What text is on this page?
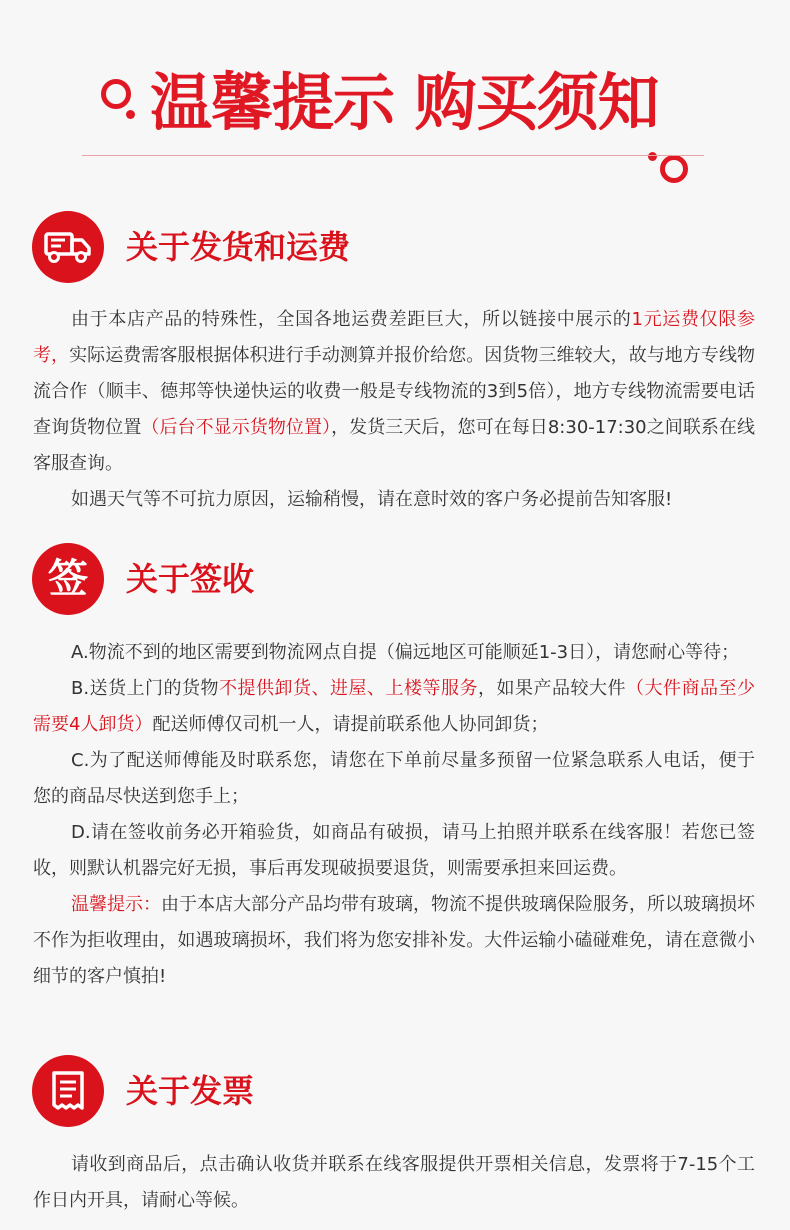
温馨提示 购买须知
关于发货和运费

由于本店产品的特殊性，全国各地运费差距巨大，所以链接中展示的1元运费仅限参考，实际运费需客服根据体积进行手动测算并报价给您。因货物三维较大，故与地方专线物流合作（顺丰、德邦等快递快运的收费一般是专线物流的3到5倍），地方专线物流需要电话查询货物位置（后台不显示货物位置），发货三天后，您可在每日8:30-17:30之间联系在线客服查询。

如遇天气等不可抗力原因，运输稍慢，请在意时效的客户务必提前告知客服!

签 关于签收

A.物流不到的地区需要到物流网点自提（偏远地区可能顺延1-3日），请您耐心等待；

B.送货上门的货物不提供卸货、进屋、上楼等服务，如果产品较大件（大件商品至少需要4人卸货）配送师傅仅司机一人，请提前联系他人协同卸货；

C.为了配送师傅能及时联系您，请您在下单前尽量多预留一位紧急联系人电话，便于您的商品尽快送到您手上；

D.请在签收前务必开箱验货，如商品有破损，请马上拍照并联系在线客服！若您已签收，则默认机器完好无损，事后再发现破损要退货，则需要承担来回运费。

温馨提示：由于本店大部分产品均带有玻璃，物流不提供玻璃保险服务，所以玻璃损坏不作为拒收理由，如遇玻璃损坏，我们将为您安排补发。大件运输小磕碰难免，请在意微小细节的客户慎拍!

关于发票

请收到商品后，点击确认收货并联系在线客服提供开票相关信息，发票将于7-15个工作日内开具，请耐心等候。
